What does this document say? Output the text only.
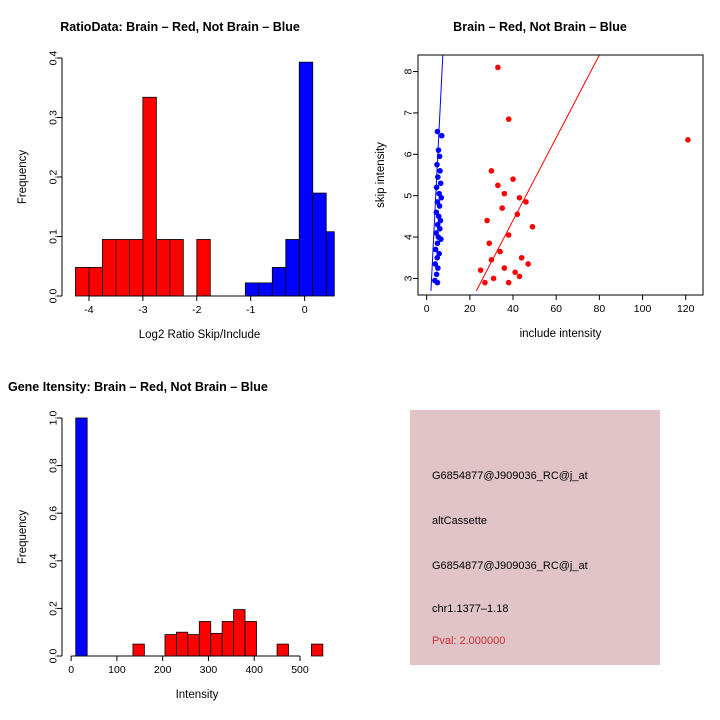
RatioData: Brain – Red, Not Brain – Blue
-4	-3	-2	-1	0
0.0
0.1
0.2
0.3
0.4
Log2 Ratio Skip/Include
Frequency
Brain – Red, Not Brain – Blue
0	20	40	60	80	100 120
3
4
5
6
7
8
include intensity
skip intensity
Gene Itensity: Brain – Red, Not Brain – Blue
0	100	200	300	400	500
0.0
0.2
0.4
0.6
0.8
1.0
Intensity
Frequency
G6854877@J909036_RC@j_at
altCassette
G6854877@J909036_RC@j_at
chr1.1377–1.18
Pval: 2.000000
